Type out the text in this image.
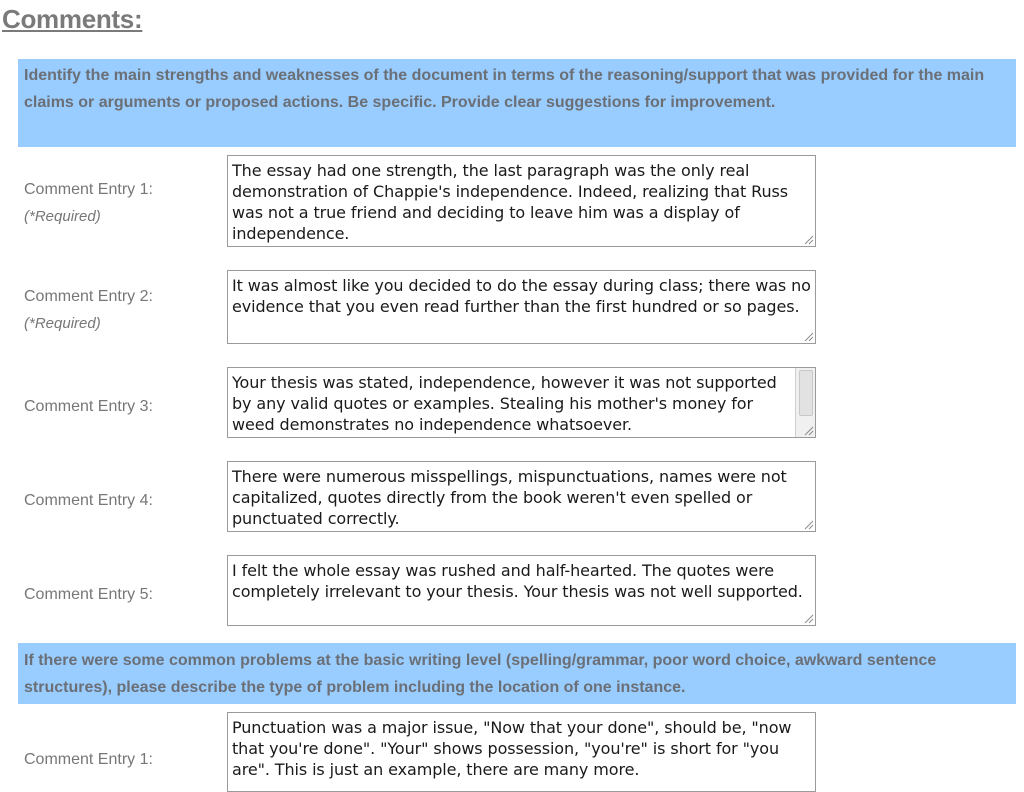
Comments:
Identify the main strengths and weaknesses of the document in terms of the reasoning/support that was provided for the main claims or arguments or proposed actions. Be specific. Provide clear suggestions for improvement.
Comment Entry 1:
(*Required)
The essay had one strength, the last paragraph was the only real demonstration of Chappie's independence. Indeed, realizing that Russ was not a true friend and deciding to leave him was a display of independence.
Comment Entry 2:
(*Required)
It was almost like you decided to do the essay during class; there was no evidence that you even read further than the first hundred or so pages.
Comment Entry 3:
Your thesis was stated, independence, however it was not supported by any valid quotes or examples. Stealing his mother's money for weed demonstrates no independence whatsoever.
Comment Entry 4:
There were numerous misspellings, mispunctuations, names were not capitalized, quotes directly from the book weren't even spelled or punctuated correctly.
Comment Entry 5:
I felt the whole essay was rushed and half-hearted. The quotes were completely irrelevant to your thesis. Your thesis was not well supported.
If there were some common problems at the basic writing level (spelling/grammar, poor word choice, awkward sentence structures), please describe the type of problem including the location of one instance.
Comment Entry 1:
Punctuation was a major issue, "Now that your done", should be, "now that you're done". "Your" shows possession, "you're" is short for "you are". This is just an example, there are many more.
